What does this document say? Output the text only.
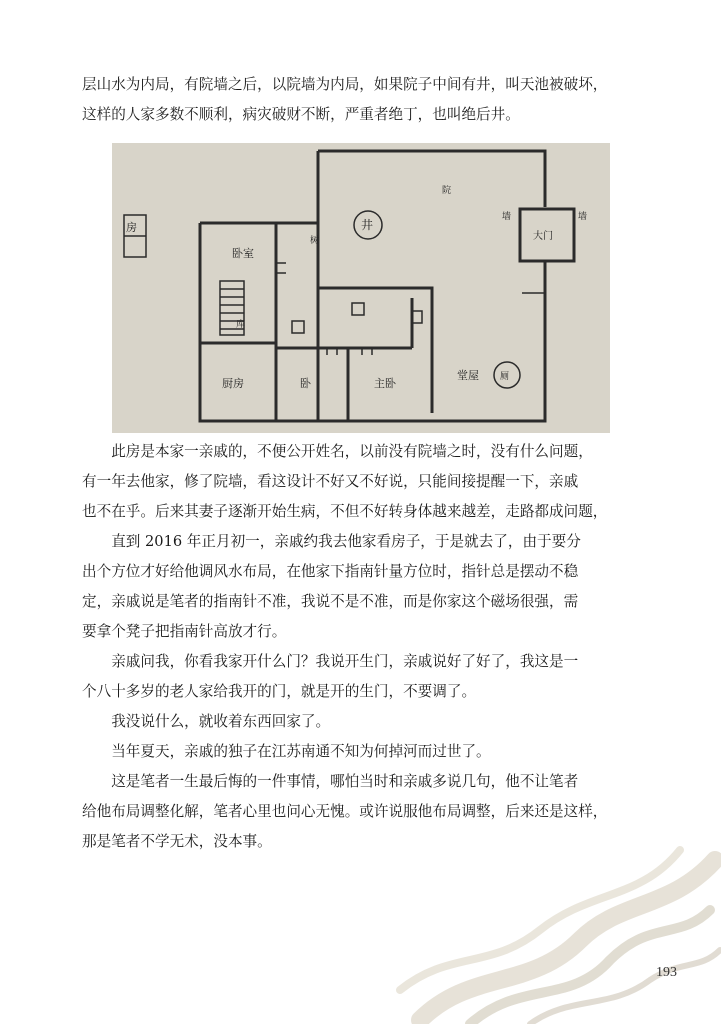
层山水为内局，有院墙之后，以院墙为内局，如果院子中间有井，叫天池被破坏，
这样的人家多数不顺利，病灾破财不断，严重者绝丁，也叫绝后井。

房
卧室
井
大门
厨房	卧	主卧
堂屋 厕
库
墙	墙
树
院

此房是本家一亲戚的，不便公开姓名，以前没有院墙之时，没有什么问题，
有一年去他家，修了院墙，看这设计不好又不好说，只能间接提醒一下，亲戚
也不在乎。后来其妻子逐渐开始生病，不但不好转身体越来越差，走路都成问题，

直到 2016 年正月初一，亲戚约我去他家看房子，于是就去了，由于要分
出个方位才好给他调风水布局，在他家下指南针量方位时，指针总是摆动不稳
定，亲戚说是笔者的指南针不准，我说不是不准，而是你家这个磁场很强，需
要拿个凳子把指南针高放才行。

亲戚问我，你看我家开什么门？我说开生门，亲戚说好了好了，我这是一
个八十多岁的老人家给我开的门，就是开的生门，不要调了。

我没说什么，就收着东西回家了。

当年夏天，亲戚的独子在江苏南通不知为何掉河而过世了。

这是笔者一生最后悔的一件事情，哪怕当时和亲戚多说几句，他不让笔者
给他布局调整化解，笔者心里也问心无愧。或许说服他布局调整，后来还是这样，
那是笔者不学无术，没本事。

193
